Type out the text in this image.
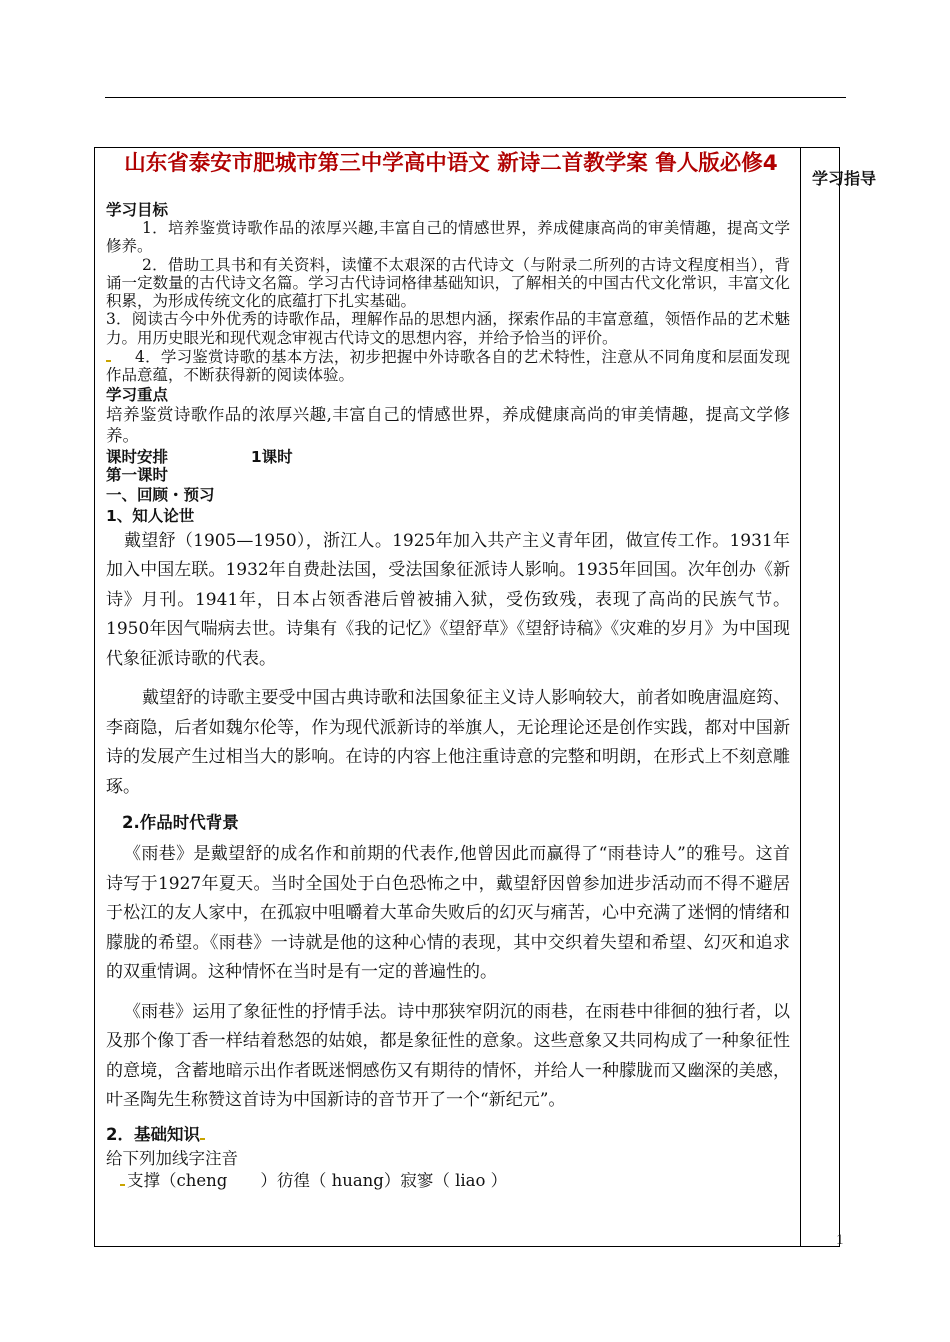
学习指导
1
山东省泰安市肥城市第三中学高中语文 新诗二首教学案 鲁人版必修4
学习目标
1．培养鉴赏诗歌作品的浓厚兴趣,丰富自己的情感世界，养成健康高尚的审美情趣，提高文学修养。
2．借助工具书和有关资料，读懂不太艰深的古代诗文（与附录二所列的古诗文程度相当），背诵一定数量的古代诗文名篇。学习古代诗词格律基础知识，了解相关的中国古代文化常识，丰富文化积累，为形成传统文化的底蕴打下扎实基础。
3．阅读古今中外优秀的诗歌作品，理解作品的思想内涵，探索作品的丰富意蕴，领悟作品的艺术魅力。用历史眼光和现代观念审视古代诗文的思想内容，并给予恰当的评价。
4．学习鉴赏诗歌的基本方法，初步把握中外诗歌各自的艺术特性，注意从不同角度和层面发现作品意蕴，不断获得新的阅读体验。
学习重点
培养鉴赏诗歌作品的浓厚兴趣,丰富自己的情感世界，养成健康高尚的审美情趣，提高文学修养。
课时安排	1课时
第一课时
一、回顾・预习
1、知人论世
戴望舒（1905—1950），浙江人。1925年加入共产主义青年团，做宣传工作。1931年加入中国左联。1932年自费赴法国，受法国象征派诗人影响。1935年回国。次年创办《新诗》月刊。1941年，日本占领香港后曾被捕入狱，受伤致残，表现了高尚的民族气节。1950年因气喘病去世。诗集有《我的记忆》《望舒草》《望舒诗稿》《灾难的岁月》为中国现代象征派诗歌的代表。
戴望舒的诗歌主要受中国古典诗歌和法国象征主义诗人影响较大，前者如晚唐温庭筠、李商隐，后者如魏尔伦等，作为现代派新诗的举旗人，无论理论还是创作实践，都对中国新诗的发展产生过相当大的影响。在诗的内容上他注重诗意的完整和明朗，在形式上不刻意雕琢。
2.作品时代背景
《雨巷》是戴望舒的成名作和前期的代表作,他曾因此而赢得了“雨巷诗人”的雅号。这首诗写于1927年夏天。当时全国处于白色恐怖之中，戴望舒因曾参加进步活动而不得不避居于松江的友人家中，在孤寂中咀嚼着大革命失败后的幻灭与痛苦，心中充满了迷惘的情绪和朦胧的希望。《雨巷》一诗就是他的这种心情的表现，其中交织着失望和希望、幻灭和追求的双重情调。这种情怀在当时是有一定的普遍性的。
《雨巷》运用了象征性的抒情手法。诗中那狭窄阴沉的雨巷，在雨巷中徘徊的独行者，以及那个像丁香一样结着愁怨的姑娘，都是象征性的意象。这些意象又共同构成了一种象征性的意境，含蓄地暗示出作者既迷惘感伤又有期待的情怀，并给人一种朦胧而又幽深的美感，叶圣陶先生称赞这首诗为中国新诗的音节开了一个“新纪元”。
2．基础知识
给下列加线字注音
支撑（cheng　　）彷徨（ huang）寂寥（ liao ）
